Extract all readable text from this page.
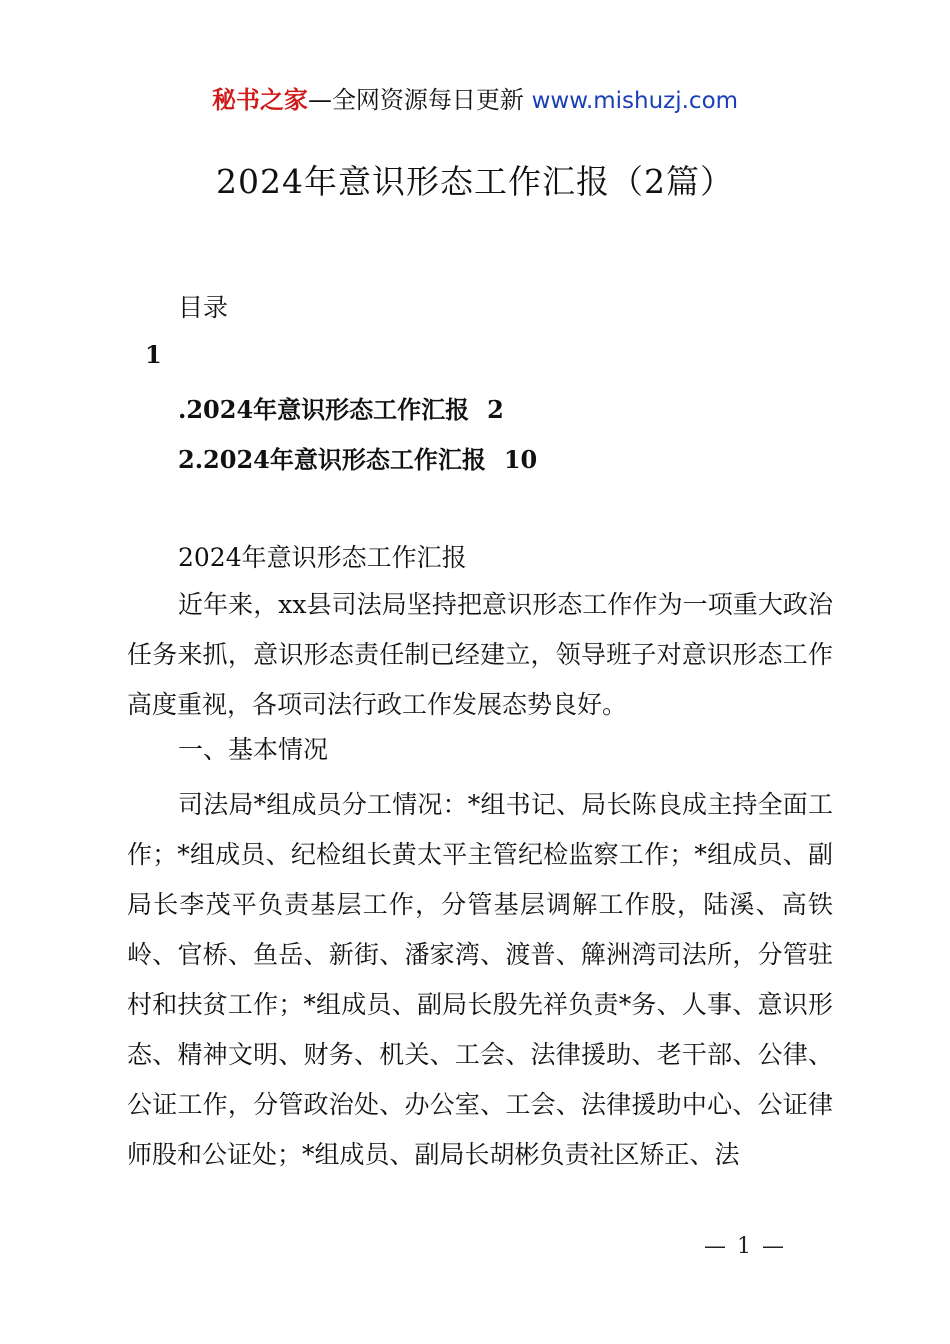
秘书之家—全网资源每日更新 www.mishuzj.com
2024年意识形态工作汇报（2篇）
目录
1
.2024年意识形态工作汇报 2
2.2024年意识形态工作汇报 10
2024年意识形态工作汇报
近年来，xx县司法局坚持把意识形态工作作为一项重大政治任务来抓，意识形态责任制已经建立，领导班子对意识形态工作高度重视，各项司法行政工作发展态势良好。
一、基本情况
司法局*组成员分工情况：*组书记、局长陈良成主持全面工作；*组成员、纪检组长黄太平主管纪检监察工作；*组成员、副局长李茂平负责基层工作，分管基层调解工作股，陆溪、高铁岭、官桥、鱼岳、新街、潘家湾、渡普、簰洲湾司法所，分管驻村和扶贫工作；*组成员、副局长殷先祥负责*务、人事、意识形态、精神文明、财务、机关、工会、法律援助、老干部、公律、公证工作，分管政治处、办公室、工会、法律援助中心、公证律师股和公证处；*组成员、副局长胡彬负责社区矫正、法
— 1 —
